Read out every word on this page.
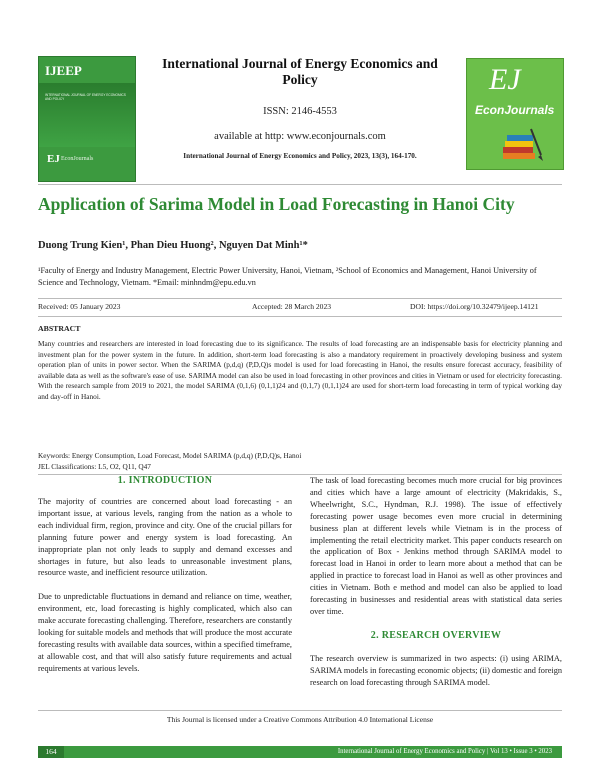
IJEEP
INTERNATIONAL JOURNAL OF ENERGY ECONOMICS AND POLICY
EJ EconJournals
International Journal of Energy Economics and Policy
ISSN: 2146-4553
available at http: www.econjournals.com
International Journal of Energy Economics and Policy, 2023, 13(3), 164-170.
EJ
EconJournals
Application of Sarima Model in Load Forecasting in Hanoi City
Duong Trung Kien¹, Phan Dieu Huong², Nguyen Dat Minh¹*
¹Faculty of Energy and Industry Management, Electric Power University, Hanoi, Vietnam, ²School of Economics and Management, Hanoi University of Science and Technology, Vietnam. *Email: minhndm@epu.edu.vn
Received: 05 January 2023	Accepted: 28 March 2023	DOI: https://doi.org/10.32479/ijeep.14121
ABSTRACT
Many countries and researchers are interested in load forecasting due to its significance. The results of load forecasting are an indispensable basis for electricity planning and investment plan for the power system in the future. In addition, short-term load forecasting is also a mandatory requirement in proactively developing business and system operation plan of units in power sector. When the SARIMA (p,d,q) (P,D,Q)s model is used for load forecasting in Hanoi, the results ensure forecast accuracy, feasibility of available data as well as the software's ease of use. SARIMA model can also be used in load forecasting in other provinces and cities in Vietnam or used for electricity forecasting. With the research sample from 2019 to 2021, the model SARIMA (0,1,6) (0,1,1)24 and (0,1,7) (0,1,1)24 are used for short-term load forecasting in term of typical working day and day-off in Hanoi.
Keywords: Energy Consumption, Load Forecast, Model SARIMA (p,d,q) (P,D,Q)s, Hanoi
JEL Classifications: L5, O2, Q11, Q47
1. INTRODUCTION

The majority of countries are concerned about load forecasting - an important issue, at various levels, ranging from the nation as a whole to each individual firm, region, province and city. One of the crucial pillars for planning future power and energy system is load forecasting. An inappropriate plan not only leads to supply and demand excesses and shortages in future, but also leads to unreasonable investment plans, resource waste, and inefficient resource utilization.

Due to unpredictable fluctuations in demand and reliance on time, weather, environment, etc, load forecasting is highly complicated, which also can make accurate forecasting challenging. Therefore, researchers are constantly looking for suitable models and methods that will produce the most accurate forecasting results with available data sources, within a specified timeframe, at allowable cost, and that will also satisfy future requirements and actual requirements at various levels.

The task of load forecasting becomes much more crucial for big provinces and cities which have a large amount of electricity (Makridakis, S., Wheelwright, S.C., Hyndman, R.J. 1998). The issue of effectively forecasting power usage becomes even more crucial in determining business plan at different levels while Vietnam is in the process of implementing the retail electricity market. This paper conducts research on the application of Box - Jenkins method through SARIMA model to forecast load in Hanoi in order to learn more about a method that can be applied in practice to forecast load in Hanoi as well as other provinces and cities in Vietnam. Both e method and model can also be applied to load forecasting in businesses and residential areas with statistical data series over time.

2. RESEARCH OVERVIEW

The research overview is summarized in two aspects: (i) using ARIMA, SARIMA models in forecasting economic objects; (ii) domestic and foreign research on load forecasting through SARIMA model.

This Journal is licensed under a Creative Commons Attribution 4.0 International License
164	International Journal of Energy Economics and Policy | Vol 13 • Issue 3 • 2023
